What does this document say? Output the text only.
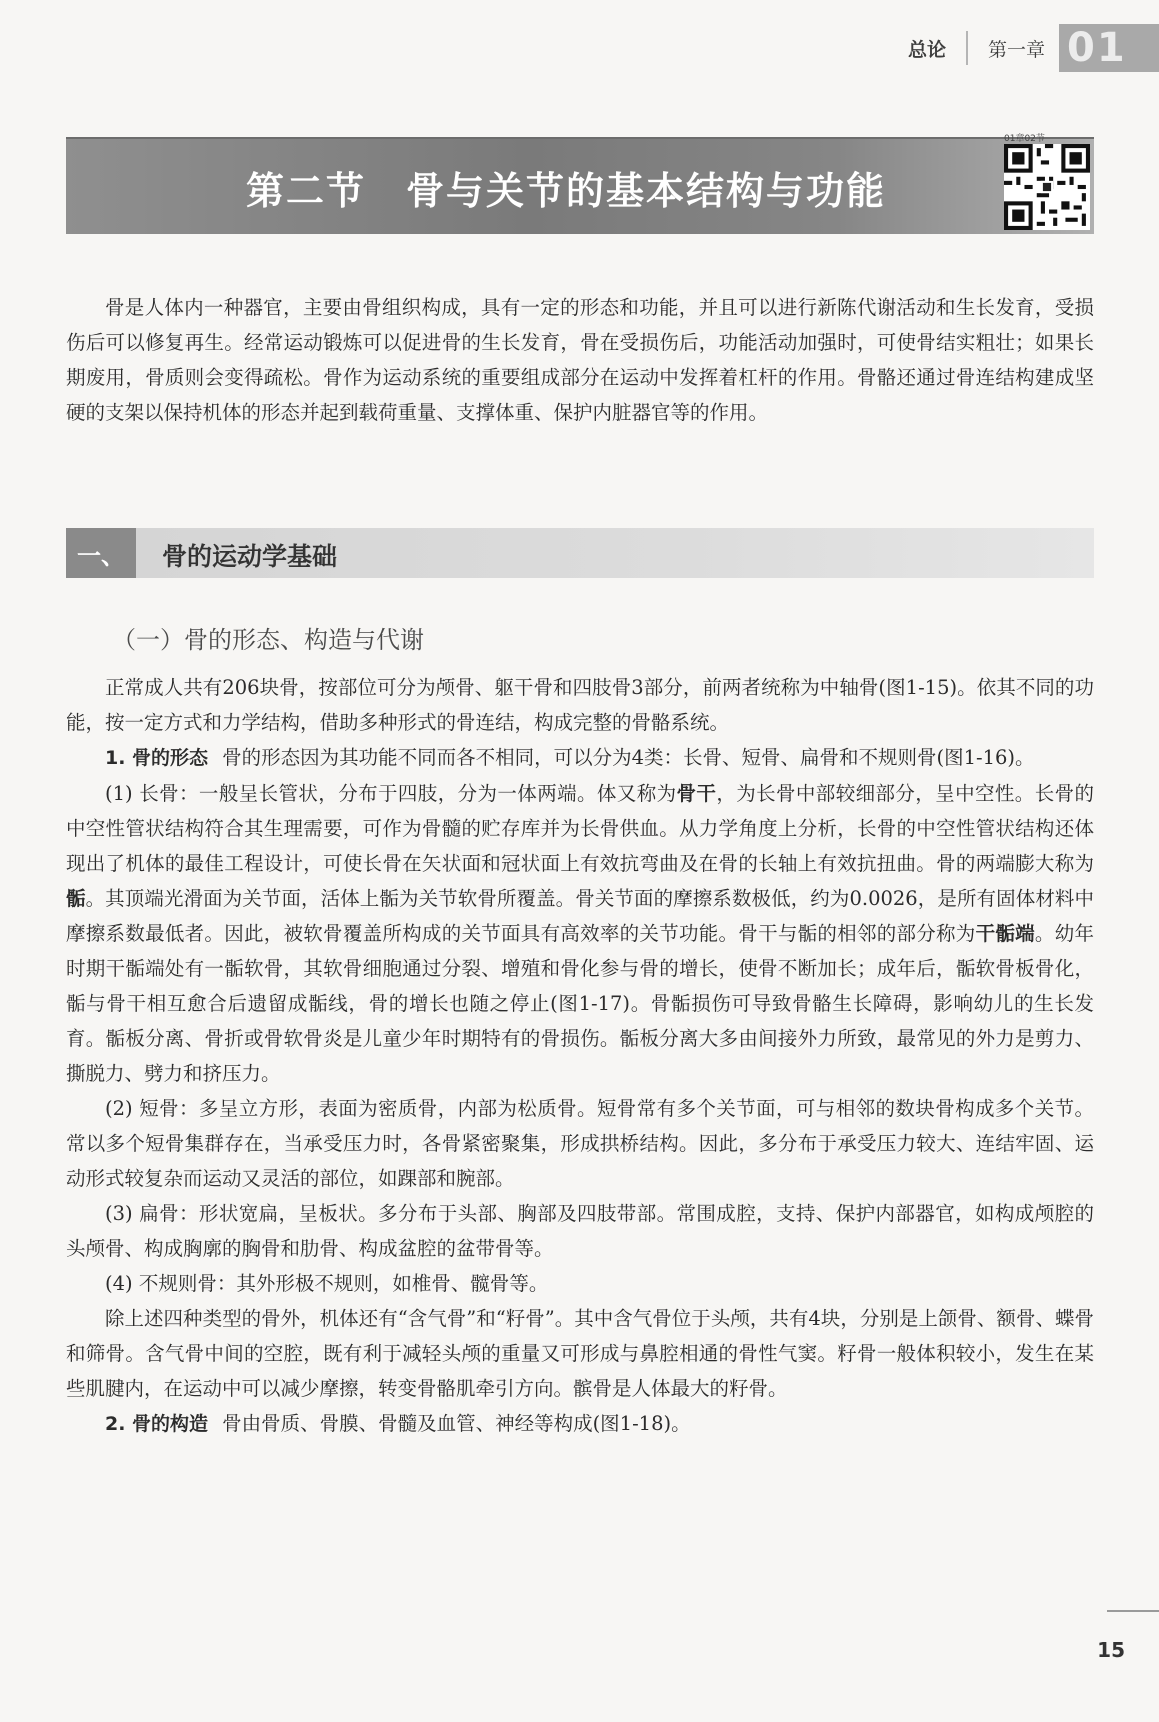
总论 第一章 01
第二节 骨与关节的基本结构与功能
01章02节

骨是人体内一种器官，主要由骨组织构成，具有一定的形态和功能，并且可以进行新陈代谢活动和生长发育，受损伤后可以修复再生。经常运动锻炼可以促进骨的生长发育，骨在受损伤后，功能活动加强时，可使骨结实粗壮；如果长期废用，骨质则会变得疏松。骨作为运动系统的重要组成部分在运动中发挥着杠杆的作用。骨骼还通过骨连结构建成坚硬的支架以保持机体的形态并起到载荷重量、支撑体重、保护内脏器官等的作用。

一、	骨的运动学基础
（一）骨的形态、构造与代谢

正常成人共有206块骨，按部位可分为颅骨、躯干骨和四肢骨3部分，前两者统称为中轴骨(图1-15)。依其不同的功能，按一定方式和力学结构，借助多种形式的骨连结，构成完整的骨骼系统。

1. 骨的形态 骨的形态因为其功能不同而各不相同，可以分为4类：长骨、短骨、扁骨和不规则骨(图1-16)。

(1) 长骨：一般呈长管状，分布于四肢，分为一体两端。体又称为骨干，为长骨中部较细部分，呈中空性。长骨的中空性管状结构符合其生理需要，可作为骨髓的贮存库并为长骨供血。从力学角度上分析，长骨的中空性管状结构还体现出了机体的最佳工程设计，可使长骨在矢状面和冠状面上有效抗弯曲及在骨的长轴上有效抗扭曲。骨的两端膨大称为骺。其顶端光滑面为关节面，活体上骺为关节软骨所覆盖。骨关节面的摩擦系数极低，约为0.0026，是所有固体材料中摩擦系数最低者。因此，被软骨覆盖所构成的关节面具有高效率的关节功能。骨干与骺的相邻的部分称为干骺端。幼年时期干骺端处有一骺软骨，其软骨细胞通过分裂、增殖和骨化参与骨的增长，使骨不断加长；成年后，骺软骨板骨化，骺与骨干相互愈合后遗留成骺线，骨的增长也随之停止(图1-17)。骨骺损伤可导致骨骼生长障碍，影响幼儿的生长发育。骺板分离、骨折或骨软骨炎是儿童少年时期特有的骨损伤。骺板分离大多由间接外力所致，最常见的外力是剪力、撕脱力、劈力和挤压力。

(2) 短骨：多呈立方形，表面为密质骨，内部为松质骨。短骨常有多个关节面，可与相邻的数块骨构成多个关节。常以多个短骨集群存在，当承受压力时，各骨紧密聚集，形成拱桥结构。因此，多分布于承受压力较大、连结牢固、运动形式较复杂而运动又灵活的部位，如踝部和腕部。

(3) 扁骨：形状宽扁，呈板状。多分布于头部、胸部及四肢带部。常围成腔，支持、保护内部器官，如构成颅腔的头颅骨、构成胸廓的胸骨和肋骨、构成盆腔的盆带骨等。

(4) 不规则骨：其外形极不规则，如椎骨、髋骨等。

除上述四种类型的骨外，机体还有“含气骨”和“籽骨”。其中含气骨位于头颅，共有4块，分别是上颌骨、额骨、蝶骨和筛骨。含气骨中间的空腔，既有利于减轻头颅的重量又可形成与鼻腔相通的骨性气窦。籽骨一般体积较小，发生在某些肌腱内，在运动中可以减少摩擦，转变骨骼肌牵引方向。髌骨是人体最大的籽骨。

2. 骨的构造 骨由骨质、骨膜、骨髓及血管、神经等构成(图1-18)。

15
